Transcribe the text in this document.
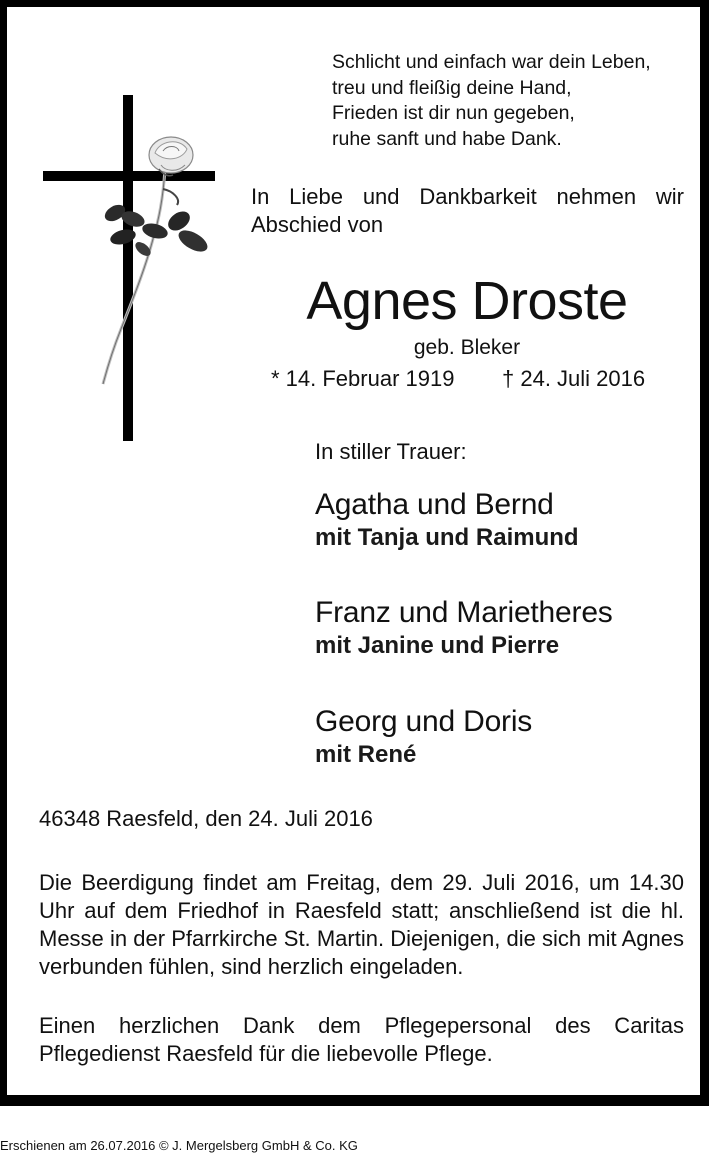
Schlicht und einfach war dein Leben,
treu und fleißig deine Hand,
Frieden ist dir nun gegeben,
ruhe sanft und habe Dank.
In Liebe und Dankbarkeit nehmen wir Abschied von
Agnes Droste
geb. Bleker
* 14. Februar 1919 † 24. Juli 2016
In stiller Trauer:
Agatha und Bernd
mit Tanja und Raimund
Franz und Marietheres
mit Janine und Pierre
Georg und Doris
mit René
46348 Raesfeld, den 24. Juli 2016
Die Beerdigung findet am Freitag, dem 29. Juli 2016, um 14.30 Uhr auf dem Friedhof in Raesfeld statt; anschließend ist die hl. Messe in der Pfarrkirche St. Martin. Diejenigen, die sich mit Agnes verbunden fühlen, sind herzlich eingeladen.
Einen herzlichen Dank dem Pflegepersonal des Caritas Pflegedienst Raesfeld für die liebevolle Pflege.
Erschienen am 26.07.2016 © J. Mergelsberg GmbH & Co. KG
